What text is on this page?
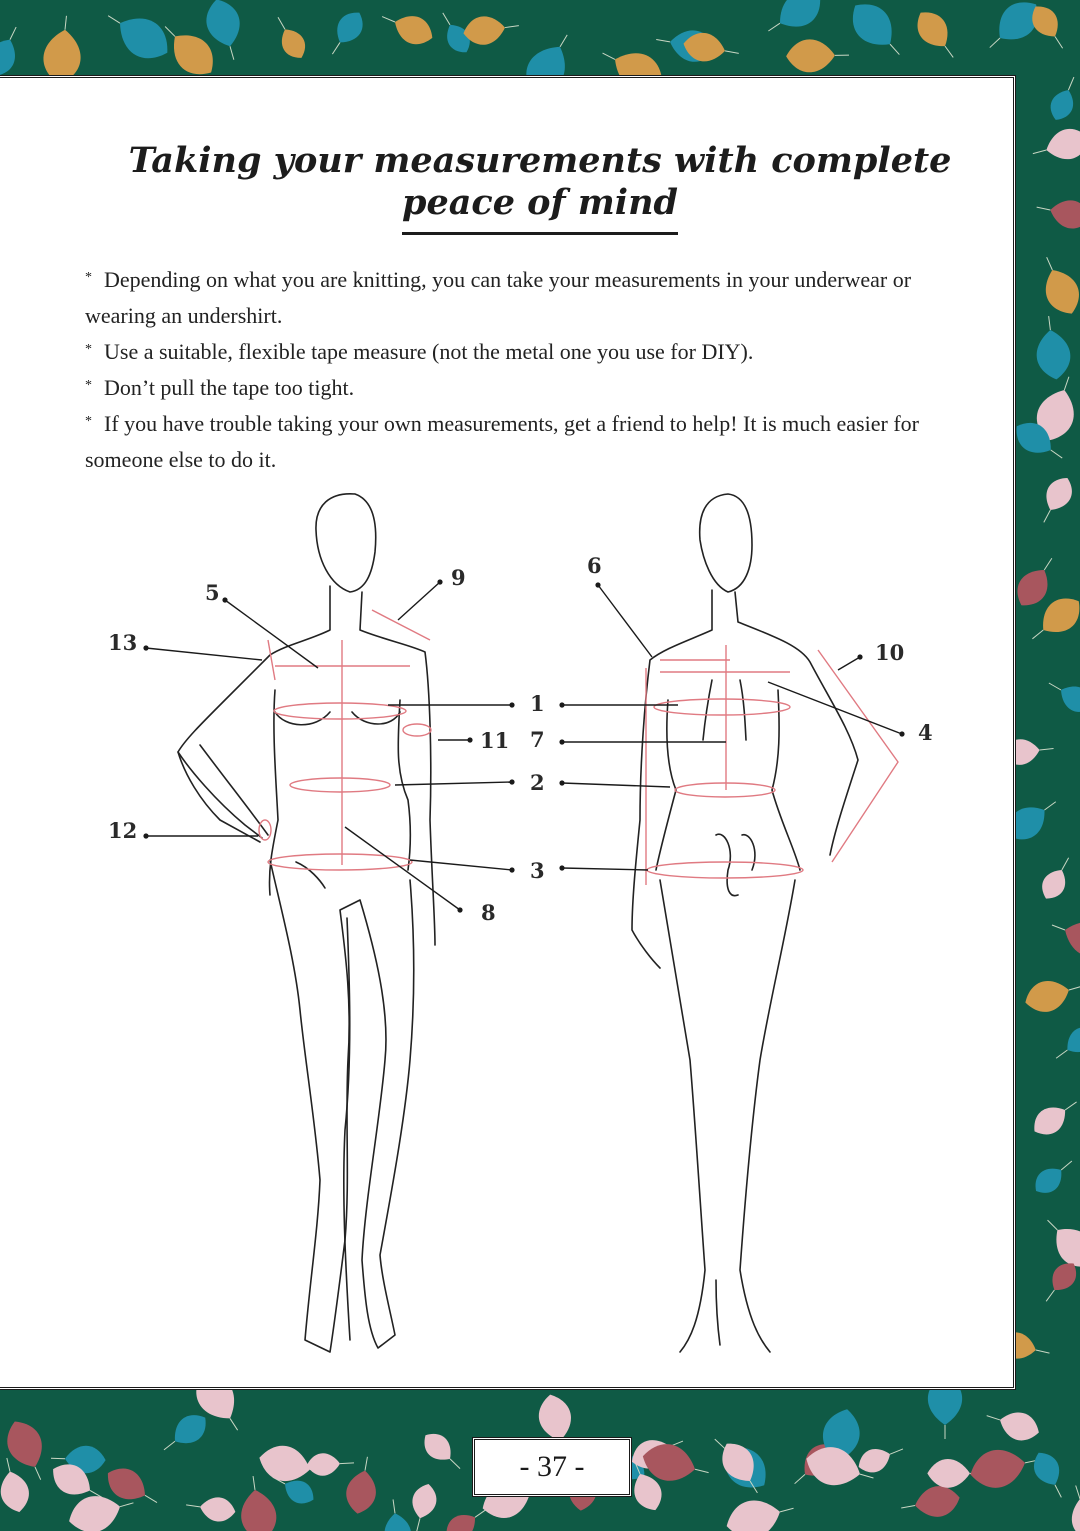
Taking your measurements with complete
peace of mind
* Depending on what you are knitting, you can take your measurements in your underwear or wearing an undershirt.
* Use a suitable, flexible tape measure (not the metal one you use for DIY).
* Don’t pull the tape too tight.
* If you have trouble taking your own measurements, get a friend to help! It is much easier for someone else to do it.
5
13
9
1
11 7
2
12
3
8
6
10
4
- 37 -
